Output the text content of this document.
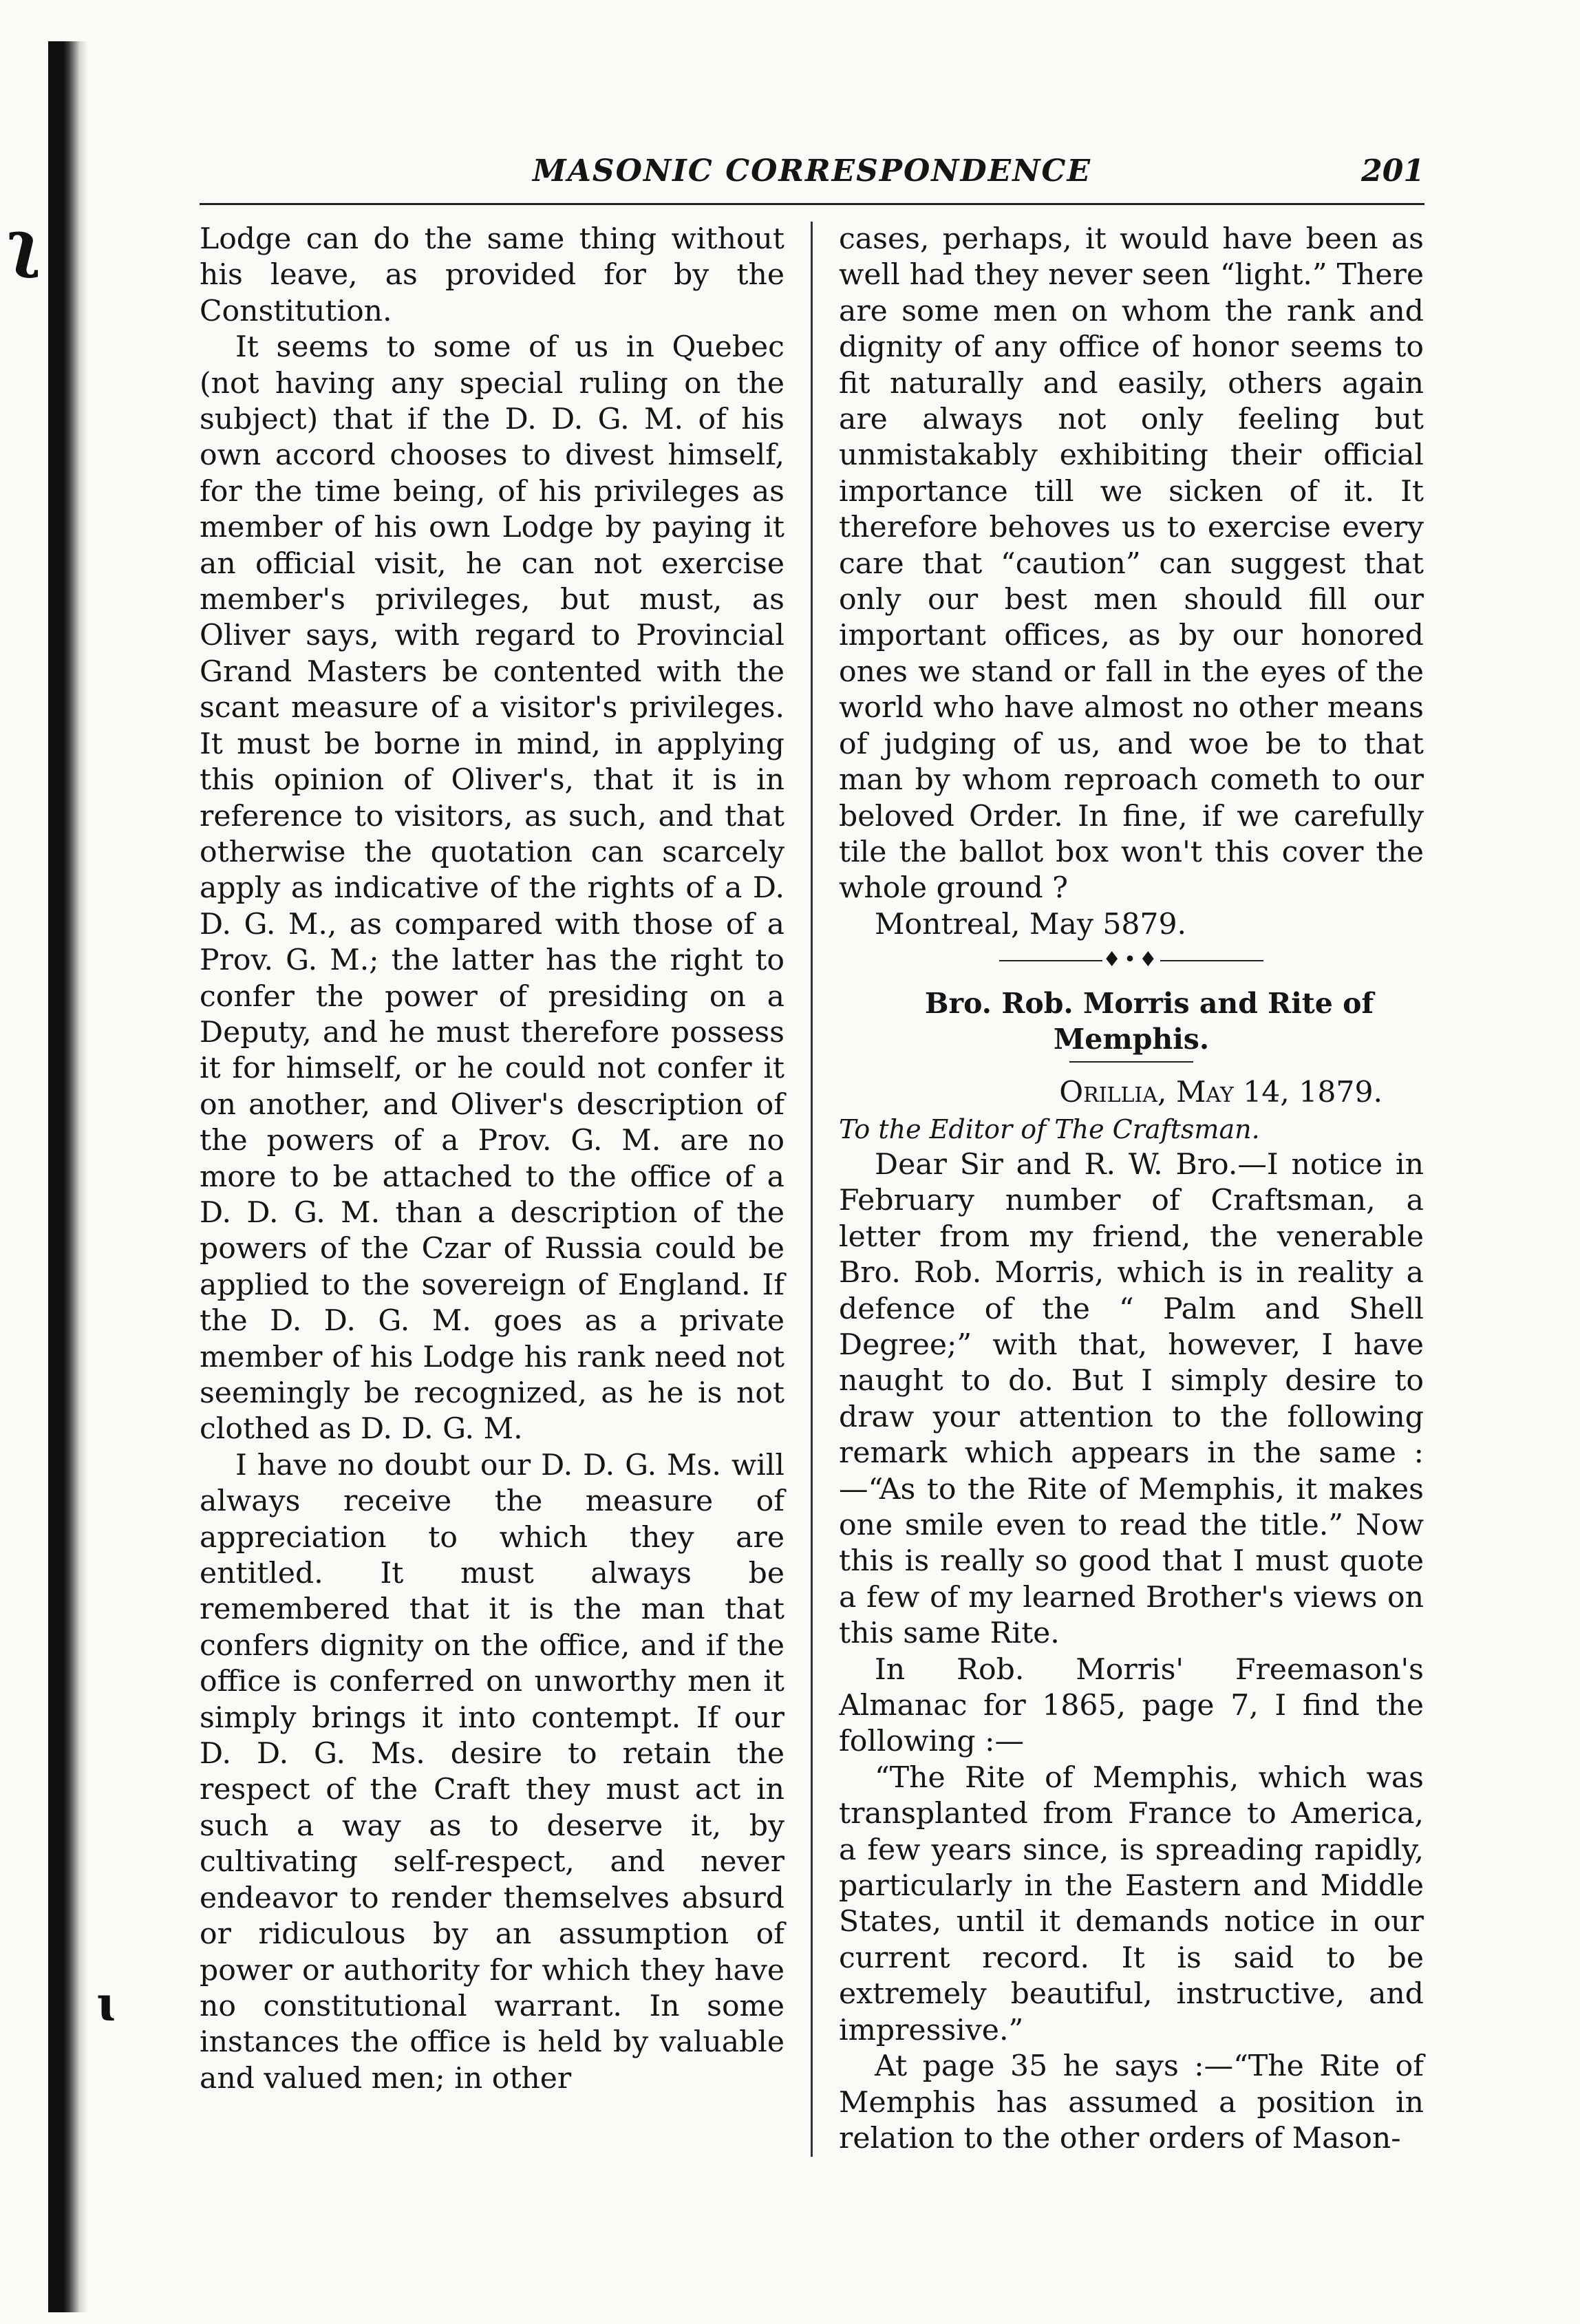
ʅ
ɩ
MASONIC CORRESPONDENCE	201

Lodge can do the same thing without his leave, as provided for by the Constitution.

It seems to some of us in Quebec (not having any special ruling on the subject) that if the D. D. G. M. of his own accord chooses to divest himself, for the time being, of his privileges as member of his own Lodge by paying it an official visit, he can not exercise member's privileges, but must, as Oliver says, with regard to Provincial Grand Masters be contented with the scant measure of a visitor's privileges. It must be borne in mind, in applying this opinion of Oliver's, that it is in reference to visitors, as such, and that otherwise the quotation can scarcely apply as indicative of the rights of a D. D. G. M., as compared with those of a Prov. G. M.; the latter has the right to confer the power of presiding on a Deputy, and he must therefore possess it for himself, or he could not confer it on another, and Oliver's description of the powers of a Prov. G. M. are no more to be attached to the office of a D. D. G. M. than a description of the powers of the Czar of Russia could be applied to the sovereign of England. If the D. D. G. M. goes as a private member of his Lodge his rank need not seemingly be recognized, as he is not clothed as D. D. G. M.

I have no doubt our D. D. G. Ms. will always receive the measure of appreciation to which they are entitled. It must always be remembered that it is the man that confers dignity on the office, and if the office is conferred on unworthy men it simply brings it into contempt. If our D. D. G. Ms. desire to retain the respect of the Craft they must act in such a way as to deserve it, by cultivating self-respect, and never endeavor to render themselves absurd or ridiculous by an assumption of power or authority for which they have no constitutional warrant. In some instances the office is held by valuable and valued men; in other

cases, perhaps, it would have been as well had they never seen “light.” There are some men on whom the rank and dignity of any office of honor seems to fit naturally and easily, others again are always not only feeling but unmistakably exhibiting their official importance till we sicken of it. It therefore behoves us to exercise every care that “caution” can suggest that only our best men should fill our important offices, as by our honored ones we stand or fall in the eyes of the world who have almost no other means of judging of us, and woe be to that man by whom reproach cometh to our beloved Order. In fine, if we carefully tile the ballot box won't this cover the whole ground ?

Montreal, May 5879.

♦•♦

Bro. Rob. Morris and Rite of Memphis.

Orillia, May 14, 1879.

To the Editor of The Craftsman.

Dear Sir and R. W. Bro.—I notice in February number of Craftsman, a letter from my friend, the venerable Bro. Rob. Morris, which is in reality a defence of the “ Palm and Shell Degree;” with that, however, I have naught to do. But I simply desire to draw your attention to the following remark which appears in the same :—“As to the Rite of Memphis, it makes one smile even to read the title.” Now this is really so good that I must quote a few of my learned Brother's views on this same Rite.

In Rob. Morris' Freemason's Almanac for 1865, page 7, I find the following :—

“The Rite of Memphis, which was transplanted from France to America, a few years since, is spreading rapidly, particularly in the Eastern and Middle States, until it demands notice in our current record. It is said to be extremely beautiful, instructive, and impressive.”

At page 35 he says :—“The Rite of Memphis has assumed a position in relation to the other orders of Mason-
